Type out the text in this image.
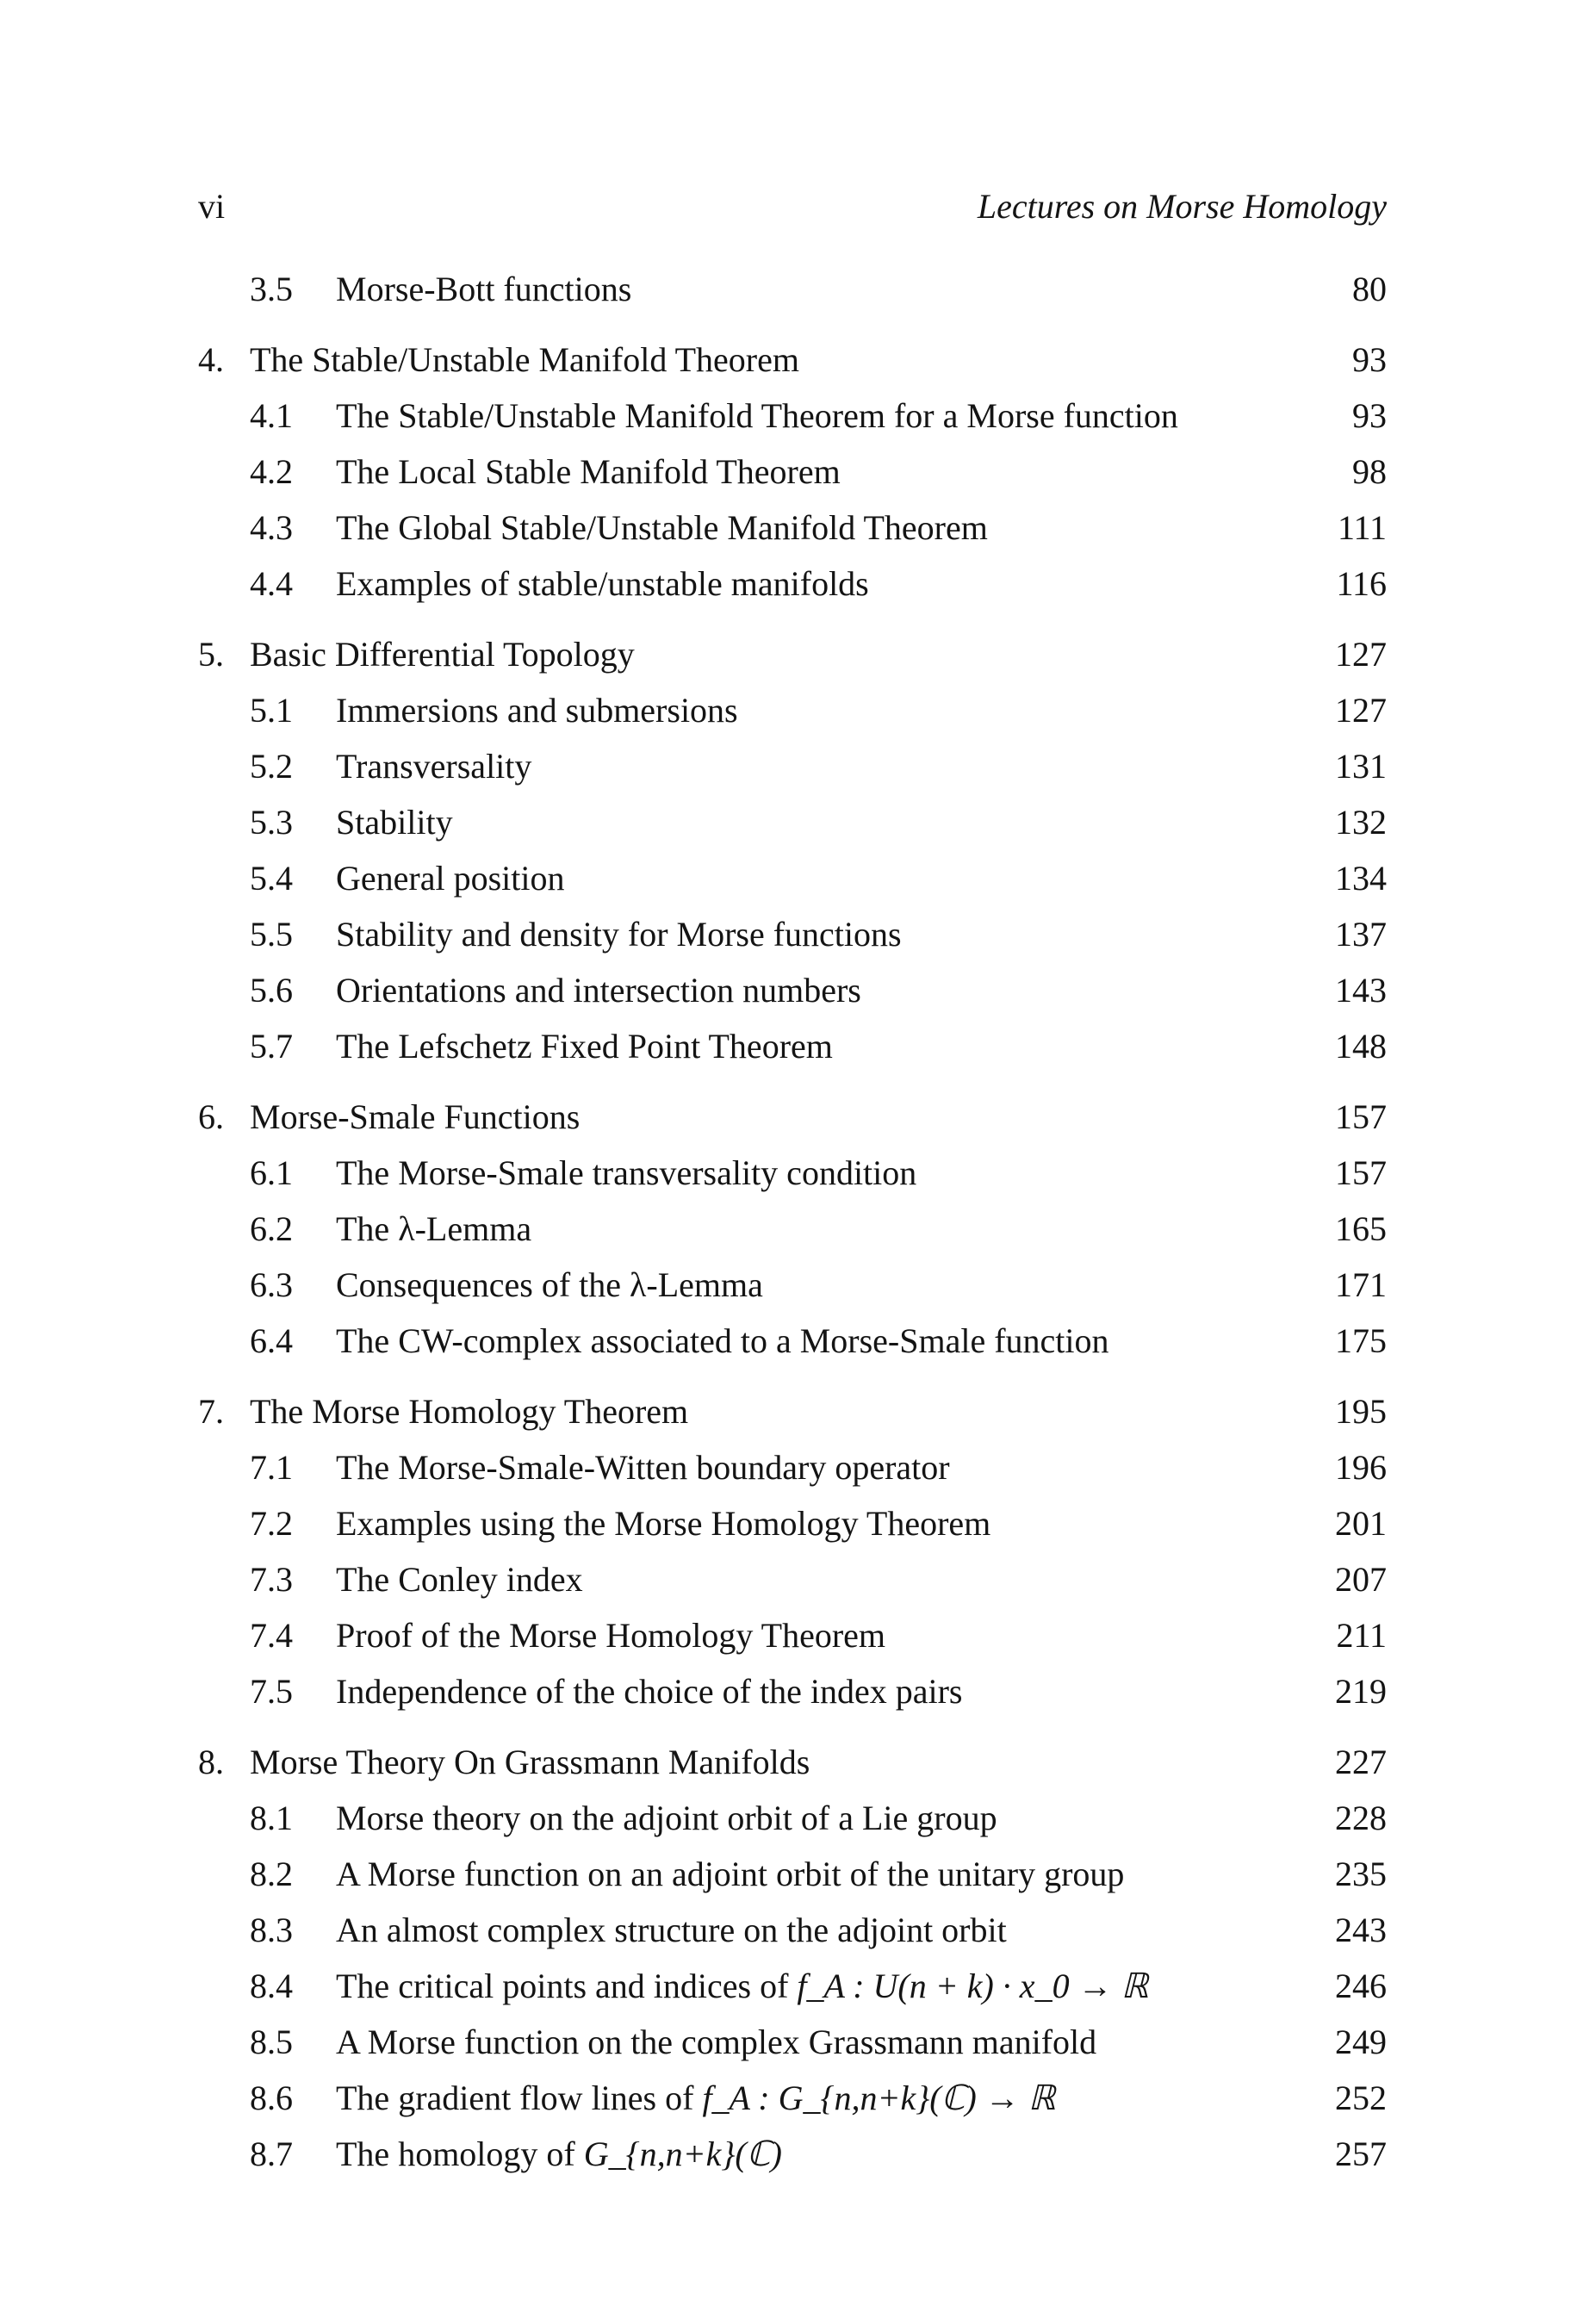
vi	Lectures on Morse Homology
3.5 Morse-Bott functions	80
4. The Stable/Unstable Manifold Theorem	93
4.1 The Stable/Unstable Manifold Theorem for a Morse function	93
4.2 The Local Stable Manifold Theorem	98
4.3 The Global Stable/Unstable Manifold Theorem	111
4.4 Examples of stable/unstable manifolds	116
5. Basic Differential Topology	127
5.1 Immersions and submersions	127
5.2 Transversality	131
5.3 Stability	132
5.4 General position	134
5.5 Stability and density for Morse functions	137
5.6 Orientations and intersection numbers	143
5.7 The Lefschetz Fixed Point Theorem	148
6. Morse-Smale Functions	157
6.1 The Morse-Smale transversality condition	157
6.2 The λ-Lemma	165
6.3 Consequences of the λ-Lemma	171
6.4 The CW-complex associated to a Morse-Smale function	175
7. The Morse Homology Theorem	195
7.1 The Morse-Smale-Witten boundary operator	196
7.2 Examples using the Morse Homology Theorem	201
7.3 The Conley index	207
7.4 Proof of the Morse Homology Theorem	211
7.5 Independence of the choice of the index pairs	219
8. Morse Theory On Grassmann Manifolds	227
8.1 Morse theory on the adjoint orbit of a Lie group	228
8.2 A Morse function on an adjoint orbit of the unitary group	235
8.3 An almost complex structure on the adjoint orbit	243
8.4 The critical points and indices of f_A : U(n + k) · x_0 → ℝ	246
8.5 A Morse function on the complex Grassmann manifold	249
8.6 The gradient flow lines of f_A : G_{n,n+k}(ℂ) → ℝ	252
8.7 The homology of G_{n,n+k}(ℂ)	257
